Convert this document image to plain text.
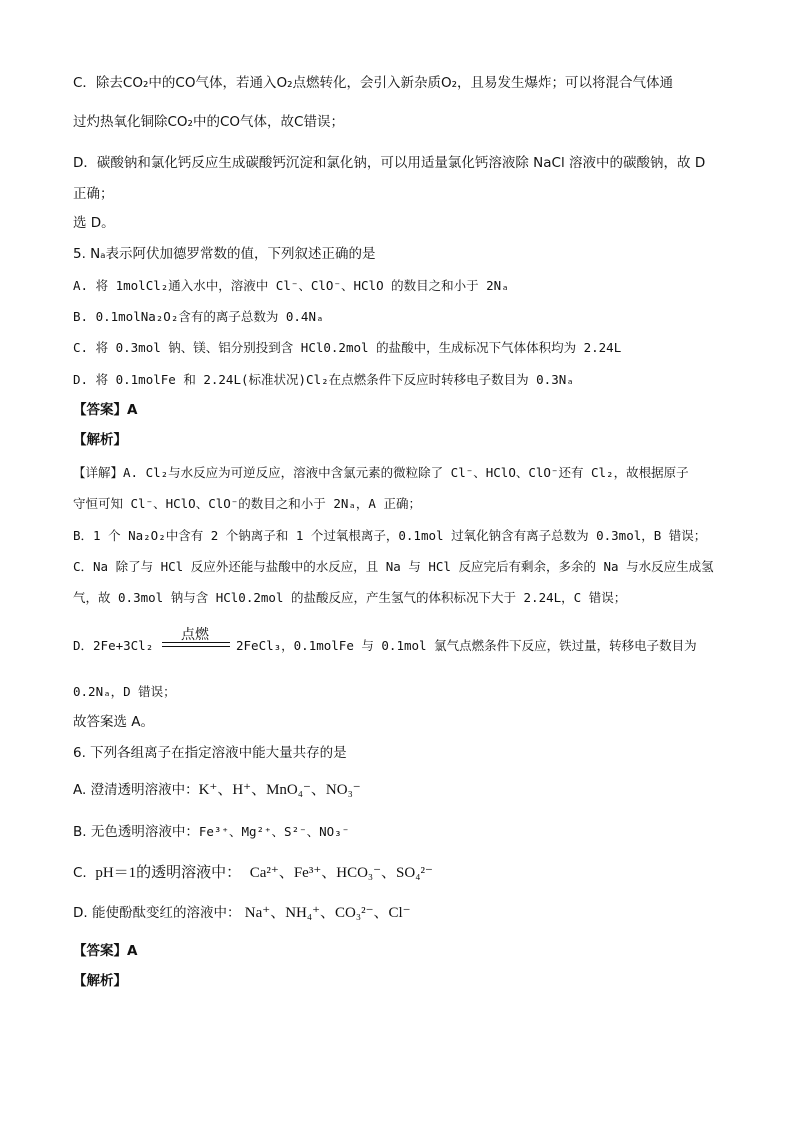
C．除去CO₂中的CO气体，若通入O₂点燃转化，会引入新杂质O₂，且易发生爆炸；可以将混合气体通
过灼热氧化铜除CO₂中的CO气体，故C错误；
D．碳酸钠和氯化钙反应生成碳酸钙沉淀和氯化钠，可以用适量氯化钙溶液除 NaCl 溶液中的碳酸钠，故 D
正确；
选 D。
5. Nₐ表示阿伏加德罗常数的值，下列叙述正确的是
A. 将 1molCl₂通入水中，溶液中 Cl⁻、ClO⁻、HClO 的数目之和小于 2Nₐ
B. 0.1molNa₂O₂含有的离子总数为 0.4Nₐ
C. 将 0.3mol 钠、镁、铝分别投到含 HCl0.2mol 的盐酸中，生成标况下气体体积均为 2.24L
D. 将 0.1molFe 和 2.24L(标准状况)Cl₂在点燃条件下反应时转移电子数目为 0.3Nₐ
【答案】A
【解析】
【详解】A. Cl₂与水反应为可逆反应，溶液中含氯元素的微粒除了 Cl⁻、HClO、ClO⁻还有 Cl₂，故根据原子
守恒可知 Cl⁻、HClO、ClO⁻的数目之和小于 2Nₐ，A 正确；
B．1 个 Na₂O₂中含有 2 个钠离子和 1 个过氧根离子，0.1mol 过氧化钠含有离子总数为 0.3mol，B 错误；
C．Na 除了与 HCl 反应外还能与盐酸中的水反应，且 Na 与 HCl 反应完后有剩余，多余的 Na 与水反应生成氢
气，故 0.3mol 钠与含 HCl0.2mol 的盐酸反应，产生氢气的体积标况下大于 2.24L，C 错误；
D．2Fe+3Cl₂
点燃
2FeCl₃，0.1molFe 与 0.1mol 氯气点燃条件下反应，铁过量，转移电子数目为
0.2Nₐ，D 错误；
故答案选 A。
6. 下列各组离子在指定溶液中能大量共存的是
A. 澄清透明溶液中：K⁺、H⁺、MnO₄⁻、NO₃⁻
B. 无色透明溶液中：Fe³⁺、Mg²⁺、S²⁻、NO₃⁻
C. pH＝1的透明溶液中： Ca²⁺、Fe³⁺、HCO₃⁻、SO₄²⁻
D. 能使酚酞变红的溶液中： Na⁺、NH₄⁺、CO₃²⁻、Cl⁻
【答案】A
【解析】
